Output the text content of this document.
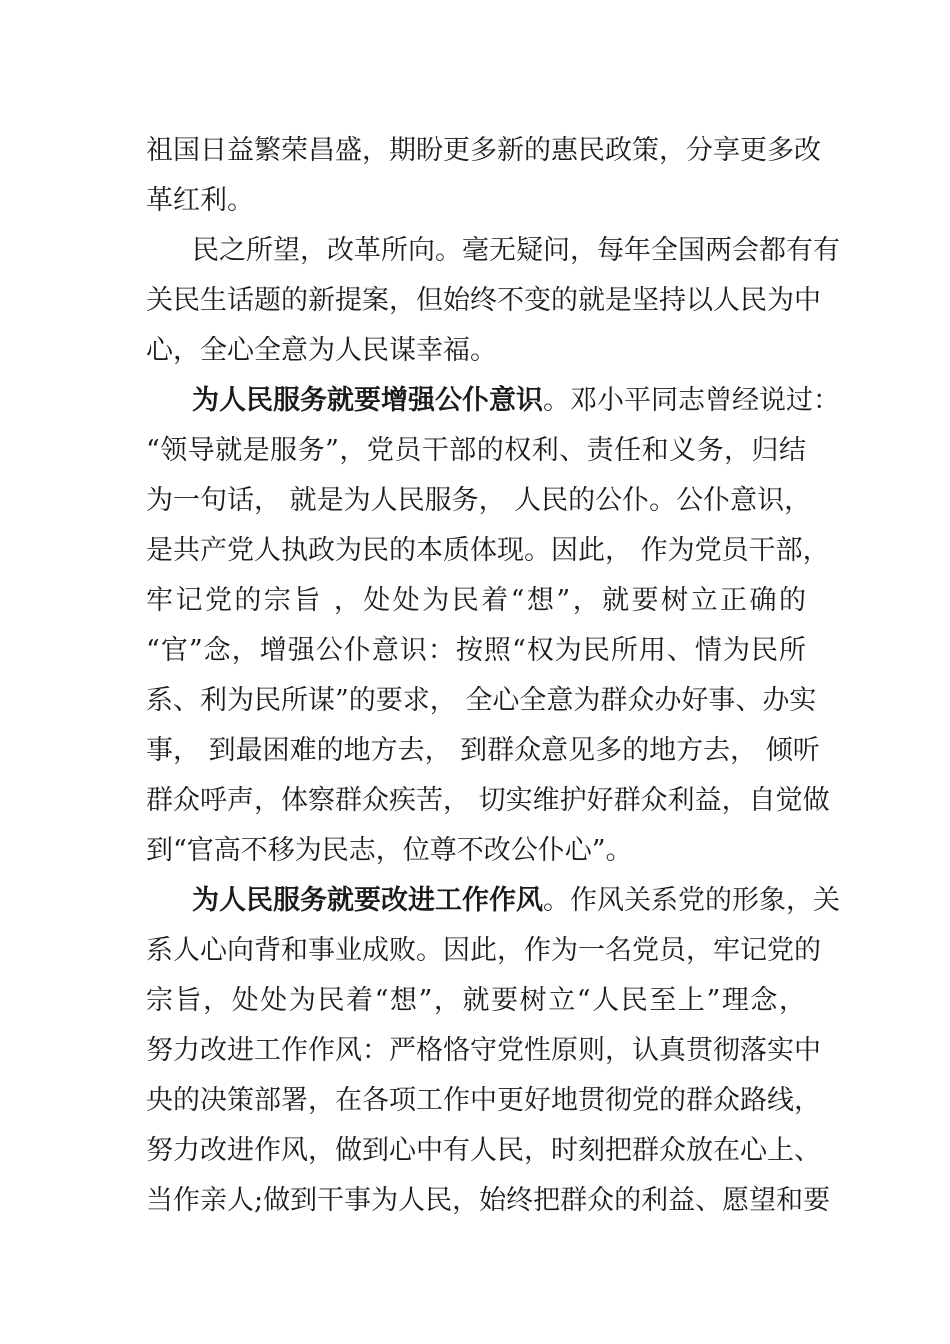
祖国日益繁荣昌盛，期盼更多新的惠民政策，分享更多改
革红利。
民之所望，改革所向。毫无疑问，每年全国两会都有有
关民生话题的新提案，但始终不变的就是坚持以人民为中
心，全心全意为人民谋幸福。
为人民服务就要增强公仆意识。邓小平同志曾经说过：
“领导就是服务”，党员干部的权利、责任和义务，归结
为一句话， 就是为人民服务， 人民的公仆。公仆意识，
是共产党人执政为民的本质体现。因此， 作为党员干部，
牢记党的宗旨 ，处处为民着“想”，就要树立正确的
“官”念，增强公仆意识：按照“权为民所用、情为民所
系、利为民所谋”的要求， 全心全意为群众办好事、办实
事， 到最困难的地方去， 到群众意见多的地方去， 倾听
群众呼声，体察群众疾苦， 切实维护好群众利益，自觉做
到“官高不移为民志，位尊不改公仆心”。
为人民服务就要改进工作作风。作风关系党的形象，关
系人心向背和事业成败。因此，作为一名党员，牢记党的
宗旨，处处为民着“想”，就要树立“人民至上”理念，
努力改进工作作风：严格恪守党性原则，认真贯彻落实中
央的决策部署，在各项工作中更好地贯彻党的群众路线，
努力改进作风，做到心中有人民，时刻把群众放在心上、
当作亲人;做到干事为人民，始终把群众的利益、愿望和要
